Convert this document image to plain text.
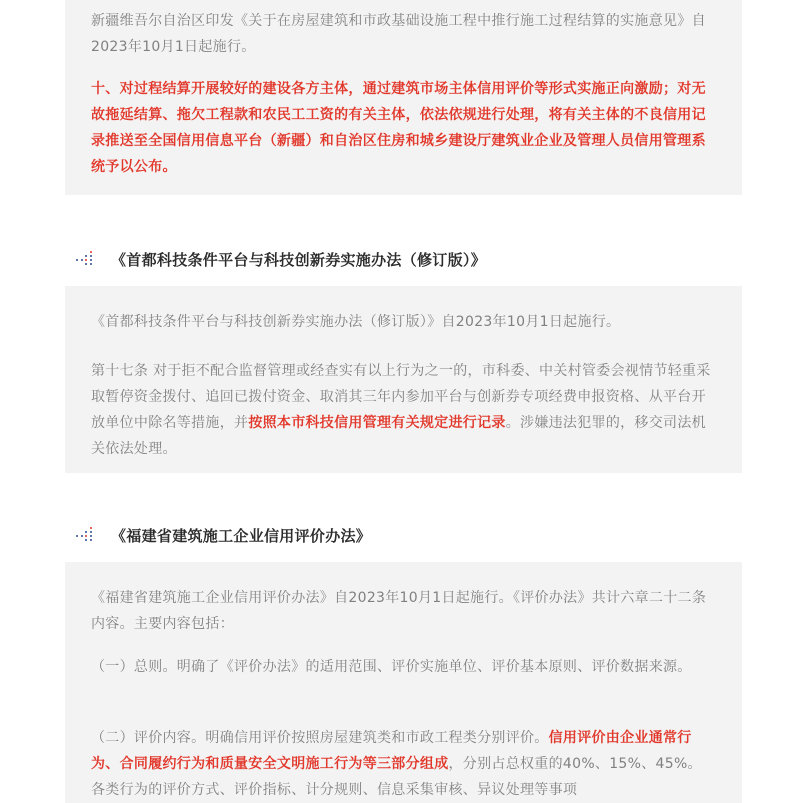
新疆维吾尔自治区印发《关于在房屋建筑和市政基础设施工程中推行施工过程结算的实施意见》自2023年10月1日起施行。

十、对过程结算开展较好的建设各方主体，通过建筑市场主体信用评价等形式实施正向激励；对无故拖延结算、拖欠工程款和农民工工资的有关主体，依法依规进行处理，将有关主体的不良信用记录推送至全国信用信息平台（新疆）和自治区住房和城乡建设厅建筑业企业及管理人员信用管理系统予以公布。

《首都科技条件平台与科技创新券实施办法（修订版）》

《首都科技条件平台与科技创新券实施办法（修订版）》自2023年10月1日起施行。

第十七条 对于拒不配合监督管理或经查实有以上行为之一的，市科委、中关村管委会视情节轻重采取暂停资金拨付、追回已拨付资金、取消其三年内参加平台与创新券专项经费申报资格、从平台开放单位中除名等措施，并按照本市科技信用管理有关规定进行记录。涉嫌违法犯罪的，移交司法机关依法处理。

《福建省建筑施工企业信用评价办法》

《福建省建筑施工企业信用评价办法》自2023年10月1日起施行。《评价办法》共计六章二十二条内容。主要内容包括：

（一）总则。明确了《评价办法》的适用范围、评价实施单位、评价基本原则、评价数据来源。

（二）评价内容。明确信用评价按照房屋建筑类和市政工程类分别评价。信用评价由企业通常行为、合同履约行为和质量安全文明施工行为等三部分组成，分别占总权重的40%、15%、45%。各类行为的评价方式、评价指标、计分规则、信息采集审核、异议处理等事项
